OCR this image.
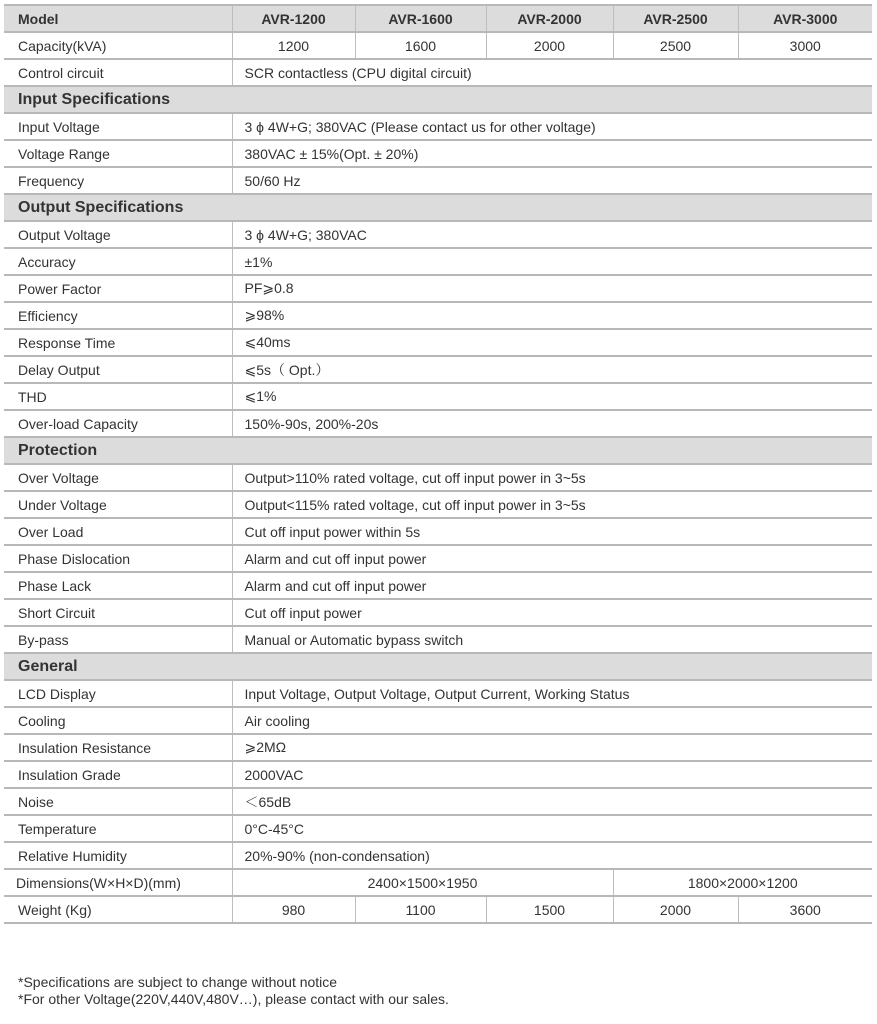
Model	AVR-1200	AVR-1600	AVR-2000	AVR-2500	AVR-3000
Capacity(kVA)	1200	1600	2000	2500	3000
Control circuit	SCR contactless (CPU digital circuit)				
Input Specifications					
Input Voltage	3 ϕ 4W+G; 380VAC (Please contact us for other voltage)				
Voltage Range	380VAC ± 15%(Opt. ± 20%)				
Frequency	50/60 Hz				
Output Specifications					
Output Voltage	3 ϕ 4W+G; 380VAC				
Accuracy	±1%				
Power Factor	PF⩾0.8				
Efficiency	⩾98%				
Response Time	⩽40ms				
Delay Output	⩽5s（ Opt.）				
THD	⩽1%				
Over-load Capacity	150%-90s, 200%-20s				
Protection					
Over Voltage	Output>110% rated voltage, cut off input power in 3~5s				
Under Voltage	Output<115% rated voltage, cut off input power in 3~5s				
Over Load	Cut off input power within 5s				
Phase Dislocation	Alarm and cut off input power				
Phase Lack	Alarm and cut off input power				
Short Circuit	Cut off input power				
By-pass	Manual or Automatic bypass switch				
General					
LCD Display	Input Voltage, Output Voltage, Output Current, Working Status				
Cooling	Air cooling				
Insulation Resistance	⩾2MΩ				
Insulation Grade	2000VAC				
Noise	＜65dB				
Temperature	0°C-45°C				
Relative Humidity	20%-90% (non-condensation)				
Dimensions(W×H×D)(mm)	2400×1500×1950			1800×2000×1200	
Weight (Kg)	980	1100	1500	2000	3600
*Specifications are subject to change without notice
*For other Voltage(220V,440V,480V…), please contact with our sales.
